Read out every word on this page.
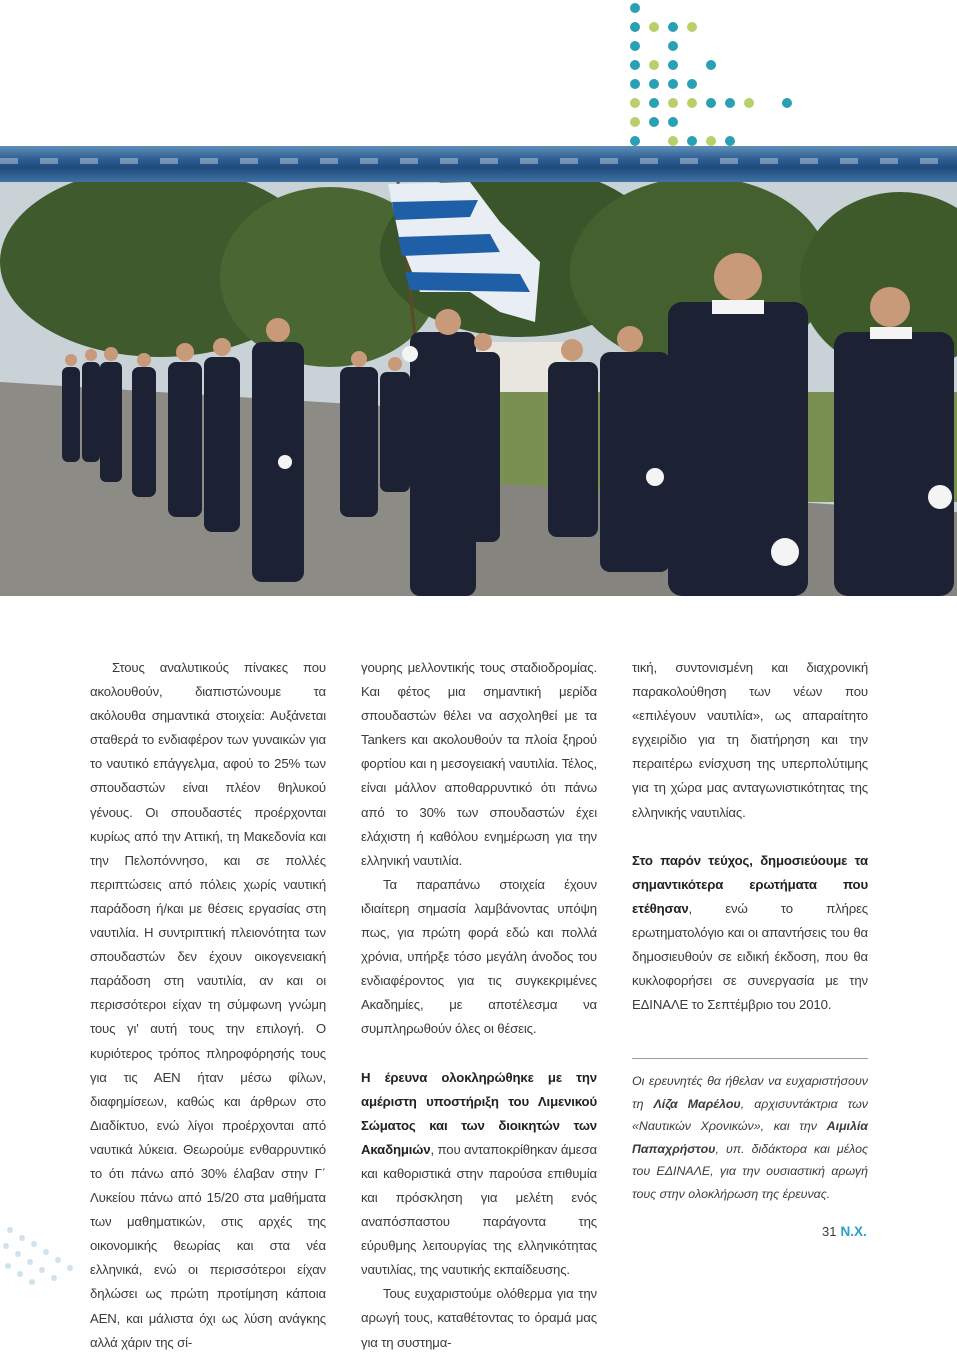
Στους αναλυτικούς πίνακες που ακολουθούν, διαπιστώνουμε τα ακόλουθα σημαντικά στοιχεία: Αυξάνεται σταθερά το ενδιαφέρον των γυναικών για το ναυτικό επάγγελμα, αφού το 25% των σπουδαστών είναι πλέον θηλυκού γένους. Οι σπουδαστές προέρχονται κυρίως από την Αττική, τη Μακεδονία και την Πελοπόννησο, και σε πολλές περιπτώσεις από πόλεις χωρίς ναυτική παράδοση ή/και με θέσεις εργασίας στη ναυτιλία. Η συντριπτική πλειονότητα των σπουδαστών δεν έχουν οικογενειακή παράδοση στη ναυτιλία, αν και οι περισσότεροι είχαν τη σύμφωνη γνώμη τους γι' αυτή τους την επιλογή. Ο κυριότερος τρόπος πληροφόρησής τους για τις ΑΕΝ ήταν μέσω φίλων, διαφημίσεων, καθώς και άρθρων στο Διαδίκτυο, ενώ λίγοι προέρχονται από ναυτικά λύκεια. Θεωρούμε ενθαρρυντικό το ότι πάνω από 30% έλαβαν στην Γ΄ Λυκείου πάνω από 15/20 στα μαθήματα των μαθηματικών, στις αρχές της οικονομικής θεωρίας και στα νέα ελληνικά, ενώ οι περισσότεροι είχαν δηλώσει ως πρώτη προτίμηση κάποια ΑΕΝ, και μάλιστα όχι ως λύση ανάγκης αλλά χάριν της σί-

γουρης μελλοντικής τους σταδιοδρομίας. Και φέτος μια σημαντική μερίδα σπουδαστών θέλει να ασχοληθεί με τα Tankers και ακολουθούν τα πλοία ξηρού φορτίου και η μεσογειακή ναυτιλία. Τέλος, είναι μάλλον αποθαρρυντικό ότι πάνω από το 30% των σπουδαστών έχει ελάχιστη ή καθόλου ενημέρωση για την ελληνική ναυτιλία.

Τα παραπάνω στοιχεία έχουν ιδιαίτερη σημασία λαμβάνοντας υπόψη πως, για πρώτη φορά εδώ και πολλά χρόνια, υπήρξε τόσο μεγάλη άνοδος του ενδιαφέροντος για τις συγκεκριμένες Ακαδημίες, με αποτέλεσμα να συμπληρωθούν όλες οι θέσεις.

Η έρευνα ολοκληρώθηκε με την αμέριστη υποστήριξη του Λιμενικού Σώματος και των διοικητών των Ακαδημιών, που ανταποκρίθηκαν άμεσα και καθοριστικά στην παρούσα επιθυμία και πρόσκληση για μελέτη ενός αναπόσπαστου παράγοντα της εύρυθμης λειτουργίας της ελληνικότητας ναυτιλίας, της ναυτικής εκπαίδευσης.

Τους ευχαριστούμε ολόθερμα για την αρωγή τους, καταθέτοντας το όραμά μας για τη συστημα-

τική, συντονισμένη και διαχρονική παρακολούθηση των νέων που «επιλέγουν ναυτιλία», ως απαραίτητο εγχειρίδιο για τη διατήρηση και την περαιτέρω ενίσχυση της υπερπολύτιμης για τη χώρα μας ανταγωνιστικότητας της ελληνικής ναυτιλίας.

Στο παρόν τεύχος, δημοσιεύουμε τα σημαντικότερα ερωτήματα που ετέθησαν, ενώ το πλήρες ερωτηματολόγιο και οι απαντήσεις του θα δημοσιευθούν σε ειδική έκδοση, που θα κυκλοφορήσει σε συνεργασία με την ΕΔΙΝΑΛΕ το Σεπτέμβριο του 2010.

Οι ερευνητές θα ήθελαν να ευχαριστήσουν τη Λίζα Μαρέλου, αρχισυντάκτρια των «Ναυτικών Χρονικών», και την Αιμιλία Παπαχρήστου, υπ. διδάκτορα και μέλος του ΕΔΙΝΑΛΕ, για την ουσιαστική αρωγή τους στην ολοκλήρωση της έρευνας.

31 Ν.Χ.
